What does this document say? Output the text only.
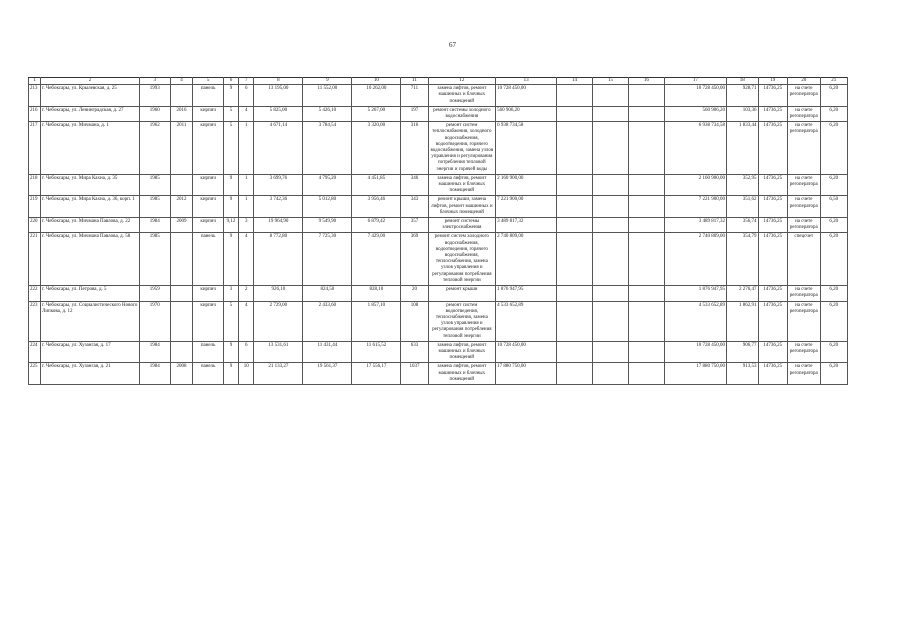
67
1	2	3	4	5	6	7	8	9	10	11	12	13	14	15	16	17	18	19	20	21
213	г. Чебоксары, ул. Крылевская, д. 25	1993		панель	9	6	13 195,00	11 552,00	10 262,00	711	замена лифтов, ремонт машинных и блочных помещений	10 728 450,00				10 728 450,00	928,71	14736,25	на счете регоператора	6,20
216	г. Чебоксары, ул. Ленинградская, д. 27	1960	2016	кирпич	5	4	5 825,00	5 426,10	5 267,00	197	ремонт системы холодного водоснабжения	560 906,20				560 906,20	103,36	14736,25	на счете регоператора	6,20
217	г. Чебоксары, ул. Мичмана, д. 1	1962	2011	кирпич	5	1	4 671,14	3 784,54	3 320,00	316	ремонт систем теплоснабжения, холодного водоснабжения, водоотведения, горячего водоснабжения, замена узлов управления и регулирования потребления тепловой энергии и горячей воды	6 938 734,58				6 938 734,58	1 833,44	14736,25	на счете регоператора	6,20
218	г. Чебоксары, ул. Мира Кахна, д. 35	1985		кирпич	9	1	3 699,76	4 795,20	4 451,85	346	замена лифтов, ремонт машинных и блочных помещений	2 160 900,00				2 160 900,00	352,95	14736,25	на счете регоператора	6,20
219	г. Чебоксары, ул. Мира Кахна, д. 36, корп. 1	1985	2012	кирпич	9	1	3 742,36	5 012,80	3 956,46	343	ремонт крыши, замена лифтов, ремонт машинных и блочных помещений	7 221 900,00				7 221 900,00	351,62	14736,25	на счете регоператора	6,50
220	г. Чебоксары, ул. Мичмана Павлова, д. 22	1984	2009	кирпич	9,12	3	19 964,90	9 549,90	6 879,42	357	ремонт системы электроснабжения	3 489 817,32				3 489 817,32	356,74	14736,25	на счете регоператора	6,20
221	г. Чебоксары, ул. Мичмана Павлова, д. 58	1985		панель	9	4	8 772,80	7 725,30	7 429,00	369	ремонт систем холодного водоснабжения, водоотведения, горячего водоснабжения, теплоснабжения, замена узлов управления и регулирования потребления тепловой энергии	2 740 809,00				2 740 809,00	354,79	14736,25	спецсчет	6,20
222	г. Чебоксары, ул. Петрова, д. 5	1959		кирпич	3	2	926,10	824,50	828,10	20	ремонт крыши	1 876 947,95				1 876 947,95	2 276,47	14736,25	на счете регоператора	6,20
223	г. Чебоксары, ул. Социалистического Нового Липкова, д. 12	1970		кирпич	5	4	2 729,00	2 433,60	1 857,10	108	ремонт систем водоотведения, теплоснабжения, замена узлов управления и регулирования потребления тепловой энергии	4 533 652,89				4 533 652,89	1 862,91	14736,25	на счете регоператора	6,20
224	г. Чебоксары, ул. Хузангая, д. 17	1984		панель	9	6	13 531,61	11 431,44	11 615,52	633	замена лифтов, ремонт машинных и блочных помещений	10 728 450,00				10 728 450,00	906,77	14736,25	на счете регоператора	6,20
225	г. Чебоксары, ул. Хузангая, д. 21	1984	2008	панель	9	10	21 133,27	19 561,37	17 556,17	1037	замена лифтов, ремонт машинных и блочных помещений	17 880 750,00				17 880 750,00	913,53	14736,25	на счете регоператора	6,20
